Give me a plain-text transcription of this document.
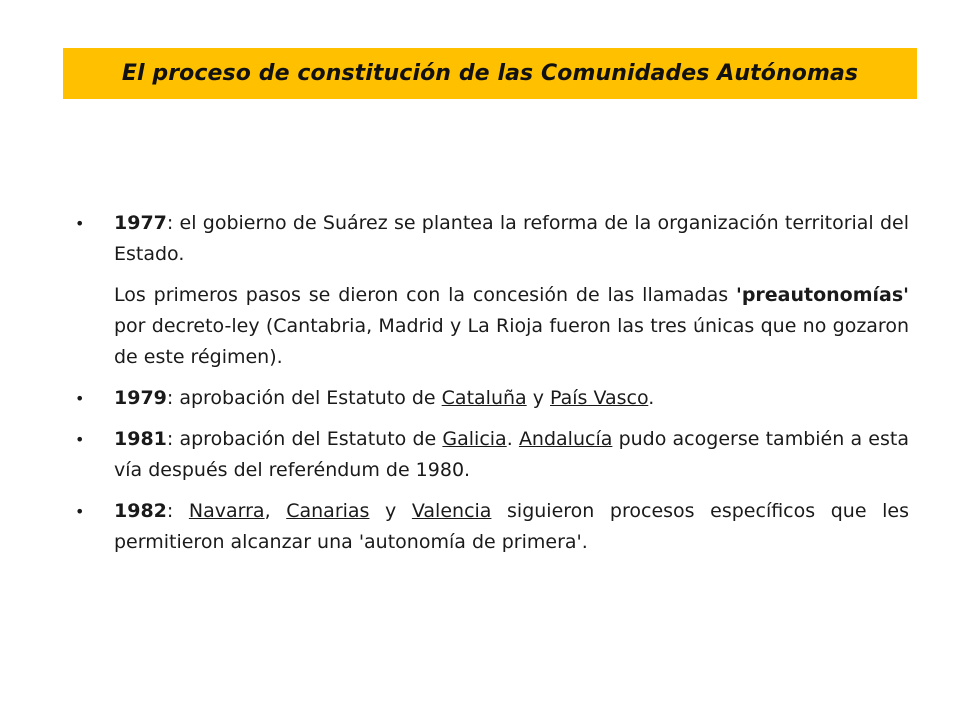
El proceso de constitución de las Comunidades Autónomas
• 1977: el gobierno de Suárez se plantea la reforma de la organización territorial del Estado.
Los primeros pasos se dieron con la concesión de las llamadas 'preautonomías' por decreto-ley (Cantabria, Madrid y La Rioja fueron las tres únicas que no gozaron de este régimen).
• 1979: aprobación del Estatuto de Cataluña y País Vasco.
• 1981: aprobación del Estatuto de Galicia. Andalucía pudo acogerse también a esta vía después del referéndum de 1980.
• 1982: Navarra, Canarias y Valencia siguieron procesos específicos que les permitieron alcanzar una 'autonomía de primera'.
